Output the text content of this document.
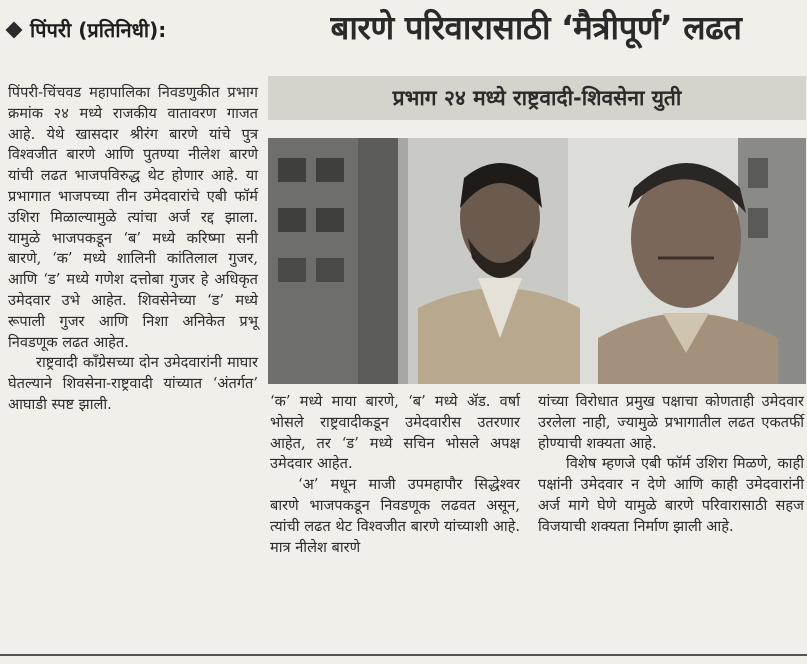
पिंपरी (प्रतिनिधी):	बारणे परिवारासाठी ‘मैत्रीपूर्ण’ लढत
प्रभाग २४ मध्ये राष्ट्रवादी-शिवसेना युती

पिंपरी-चिंचवड महापालिका निवडणुकीत प्रभाग क्रमांक २४ मध्ये राजकीय वातावरण गाजत आहे. येथे खासदार श्रीरंग बारणे यांचे पुत्र विश्वजीत बारणे आणि पुतण्या नीलेश बारणे यांची लढत भाजपविरुद्ध थेट होणार आहे. या प्रभागात भाजपच्या तीन उमेदवारांचे एबी फॉर्म उशिरा मिळाल्यामुळे त्यांचा अर्ज रद्द झाला. यामुळे भाजपकडून ‘ब’ मध्ये करिष्मा सनी बारणे, ‘क’ मध्ये शालिनी कांतिलाल गुजर, आणि ‘ड’ मध्ये गणेश दत्तोबा गुजर हे अधिकृत उमेदवार उभे आहेत. शिवसेनेच्या ‘ड’ मध्ये रूपाली गुजर आणि निशा अनिकेत प्रभू निवडणूक लढत आहेत.

राष्ट्रवादी काँग्रेसच्या दोन उमेदवारांनी माघार घेतल्याने शिवसेना-राष्ट्रवादी यांच्यात ‘अंतर्गत’ आघाडी स्पष्ट झाली.	‘क’ मध्ये माया बारणे, ‘ब’ मध्ये ॲड. वर्षा भोसले राष्ट्रवादीकडून उमेदवारीस उतरणार आहेत, तर ‘ड’ मध्ये सचिन भोसले अपक्ष उमेदवार आहेत.

‘अ’ मधून माजी उपमहापौर सिद्धेश्वर बारणे भाजपकडून निवडणूक लढवत असून, त्यांची लढत थेट विश्वजीत बारणे यांच्याशी आहे. मात्र नीलेश बारणे

यांच्या विरोधात प्रमुख पक्षाचा कोणताही उमेदवार उरलेला नाही, ज्यामुळे प्रभागातील लढत एकतर्फी होण्याची शक्यता आहे.

विशेष म्हणजे एबी फॉर्म उशिरा मिळणे, काही पक्षांनी उमेदवार न देणे आणि काही उमेदवारांनी अर्ज मागे घेणे यामुळे बारणे परिवारासाठी सहज विजयाची शक्यता निर्माण झाली आहे.
